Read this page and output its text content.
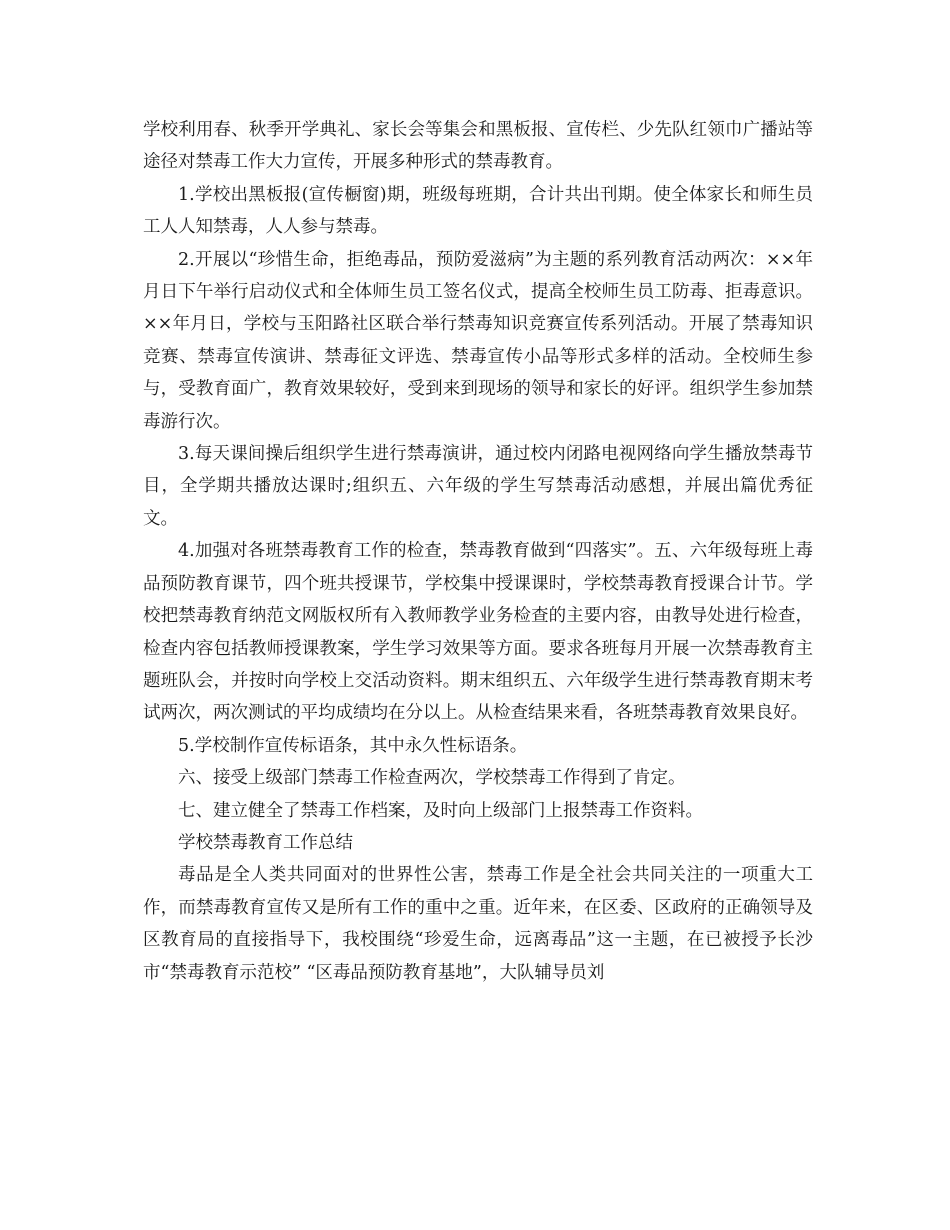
学校利用春、秋季开学典礼、家长会等集会和黑板报、宣传栏、少先队红领巾广播站等途径对禁毒工作大力宣传，开展多种形式的禁毒教育。

1.学校出黑板报(宣传橱窗)期，班级每班期，合计共出刊期。使全体家长和师生员工人人知禁毒，人人参与禁毒。

2.开展以“珍惜生命，拒绝毒品，预防爱滋病”为主题的系列教育活动两次：××年月日下午举行启动仪式和全体师生员工签名仪式，提高全校师生员工防毒、拒毒意识。××年月日，学校与玉阳路社区联合举行禁毒知识竞赛宣传系列活动。开展了禁毒知识竞赛、禁毒宣传演讲、禁毒征文评选、禁毒宣传小品等形式多样的活动。全校师生参与，受教育面广，教育效果较好，受到来到现场的领导和家长的好评。组织学生参加禁毒游行次。

3.每天课间操后组织学生进行禁毒演讲，通过校内闭路电视网络向学生播放禁毒节目，全学期共播放达课时;组织五、六年级的学生写禁毒活动感想，并展出篇优秀征文。

4.加强对各班禁毒教育工作的检查，禁毒教育做到“四落实”。五、六年级每班上毒品预防教育课节，四个班共授课节，学校集中授课课时，学校禁毒教育授课合计节。学校把禁毒教育纳范文网版权所有入教师教学业务检查的主要内容，由教导处进行检查，检查内容包括教师授课教案，学生学习效果等方面。要求各班每月开展一次禁毒教育主题班队会，并按时向学校上交活动资料。期末组织五、六年级学生进行禁毒教育期末考试两次，两次测试的平均成绩均在分以上。从检查结果来看，各班禁毒教育效果良好。

5.学校制作宣传标语条，其中永久性标语条。

六、接受上级部门禁毒工作检查两次，学校禁毒工作得到了肯定。

七、建立健全了禁毒工作档案，及时向上级部门上报禁毒工作资料。

学校禁毒教育工作总结

毒品是全人类共同面对的世界性公害，禁毒工作是全社会共同关注的一项重大工作，而禁毒教育宣传又是所有工作的重中之重。近年来，在区委、区政府的正确领导及区教育局的直接指导下，我校围绕“珍爱生命，远离毒品”这一主题，在已被授予长沙市“禁毒教育示范校” “区毒品预防教育基地”，大队辅导员刘
